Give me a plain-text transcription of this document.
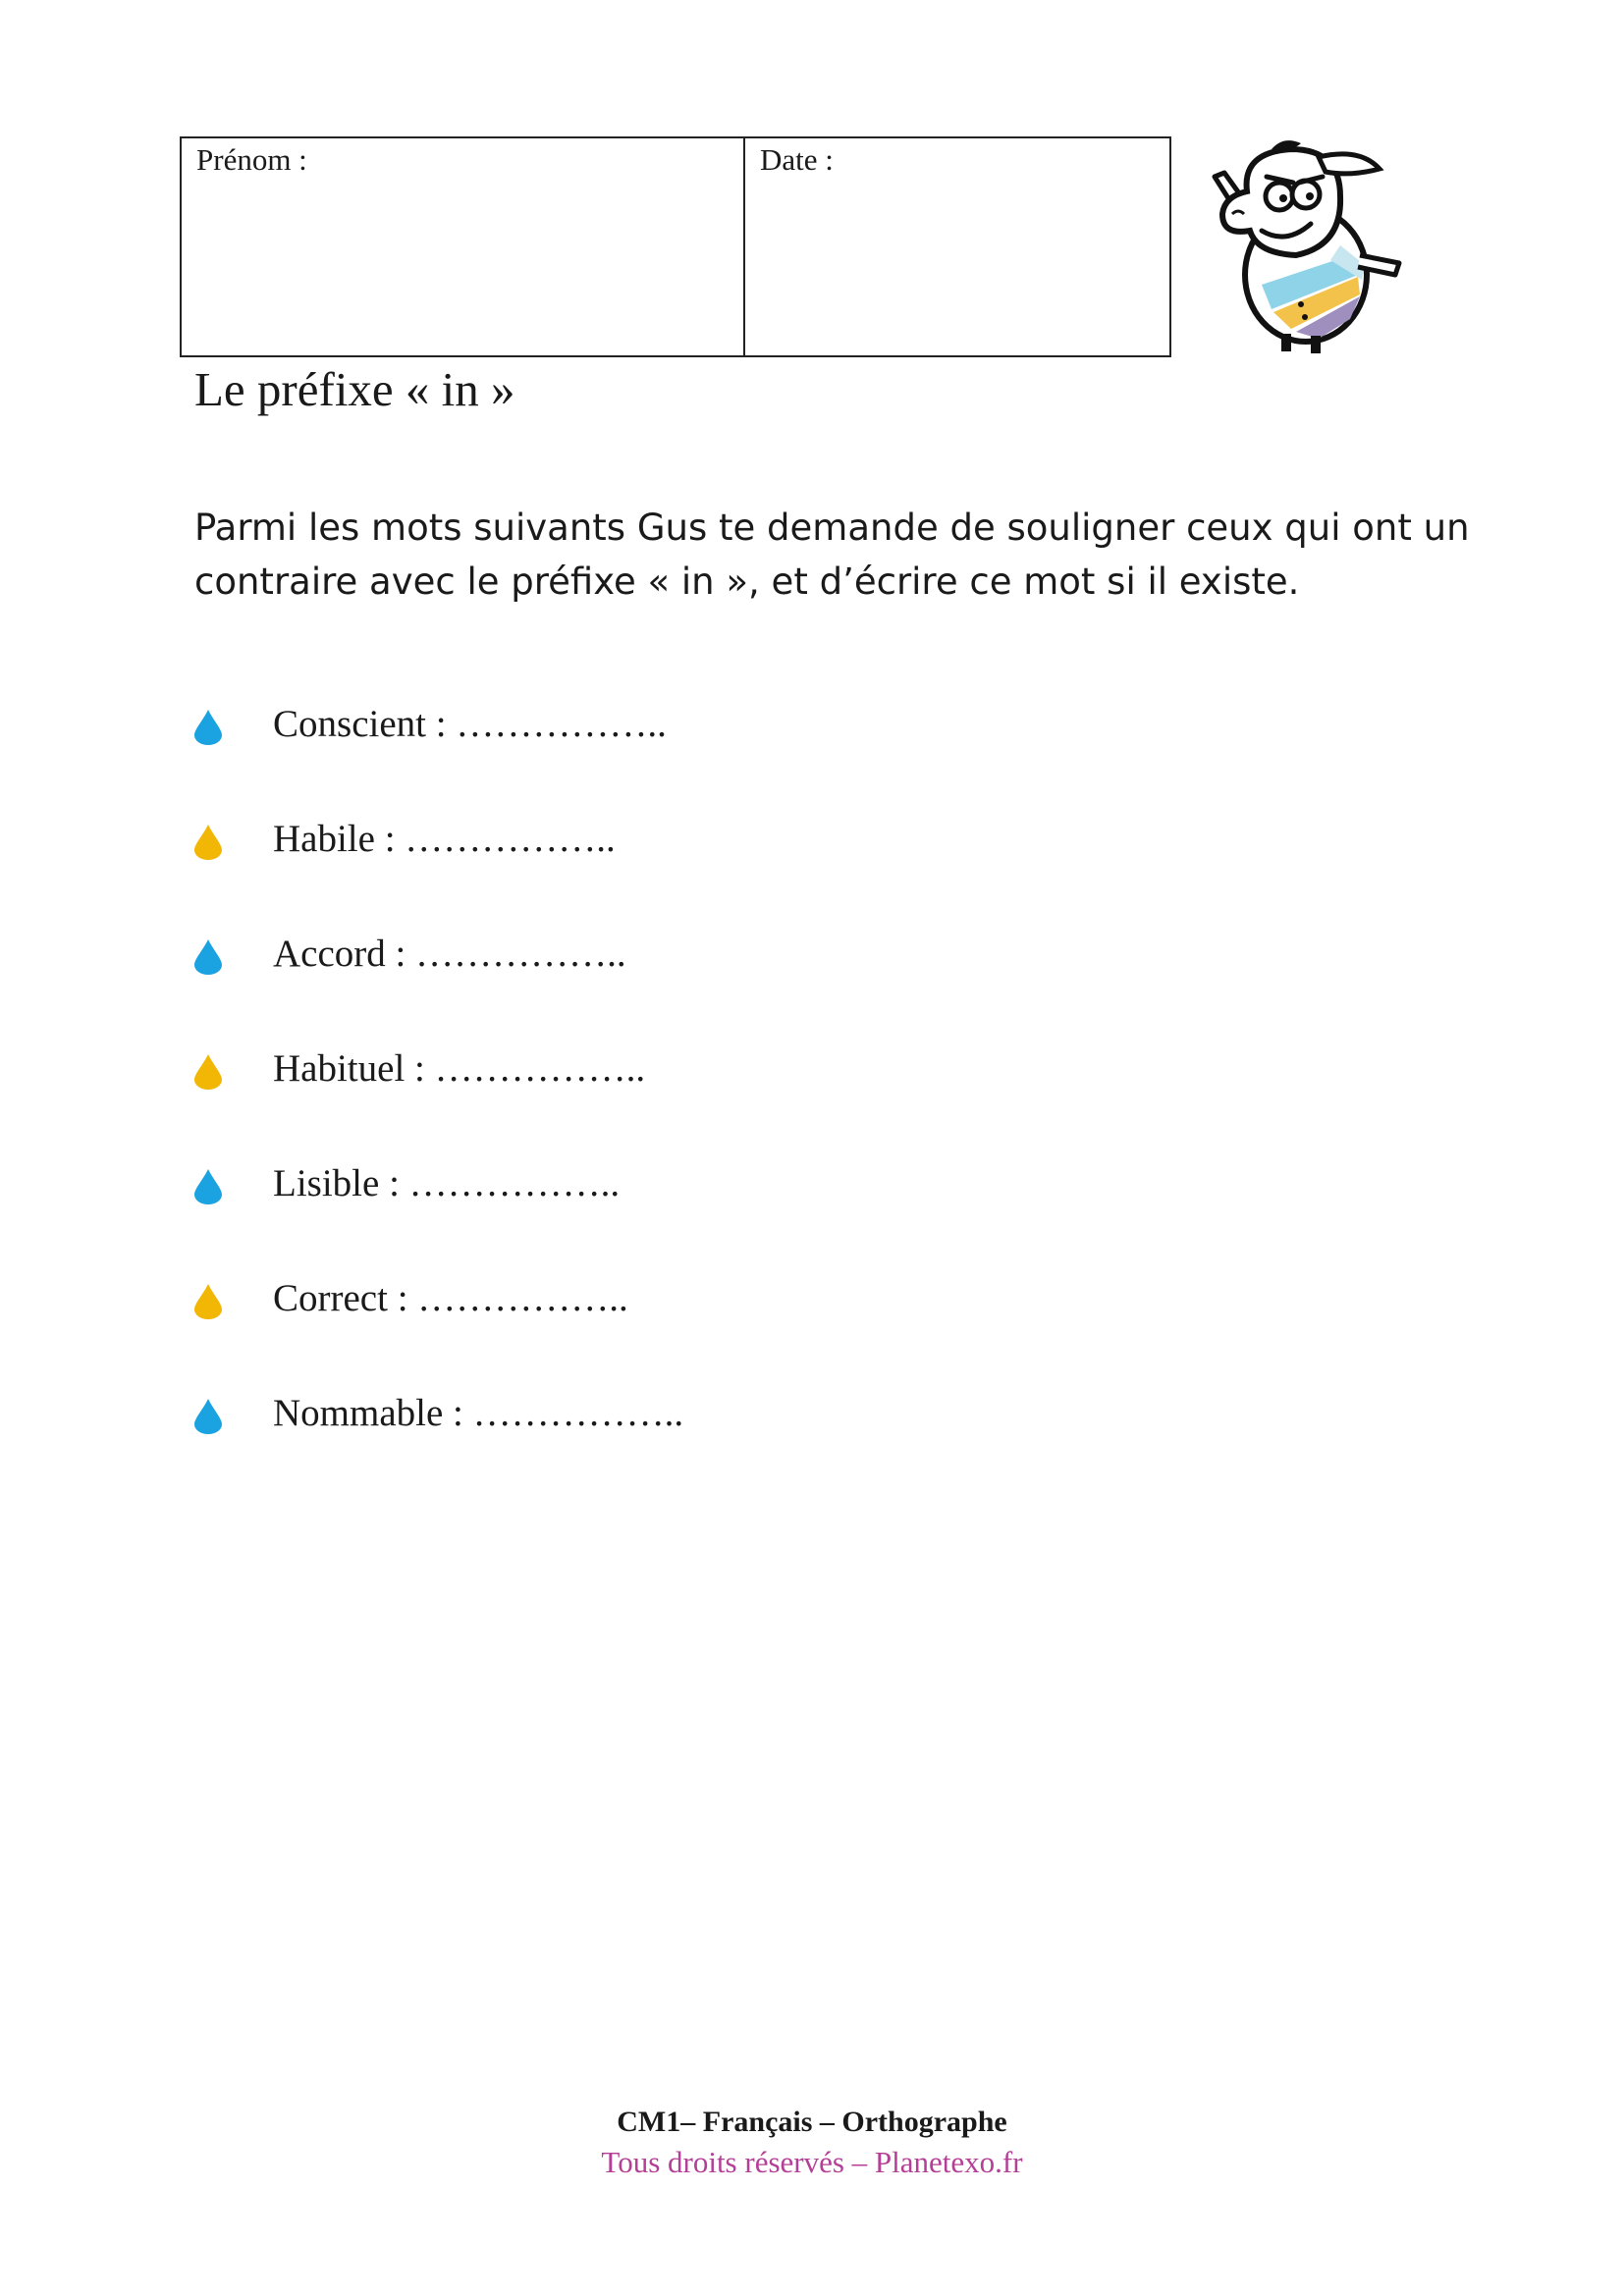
Prénom :	Date :
Le préfixe « in »
Parmi les mots suivants Gus te demande de souligner ceux qui ont un
contraire avec le préfixe « in », et d’écrire ce mot si il existe.
Conscient : ……………..
Habile : ……………..
Accord : ……………..
Habituel : ……………..
Lisible : ……………..
Correct : ……………..
Nommable : ……………..
CM1– Français – Orthographe
Tous droits réservés – Planetexo.fr
